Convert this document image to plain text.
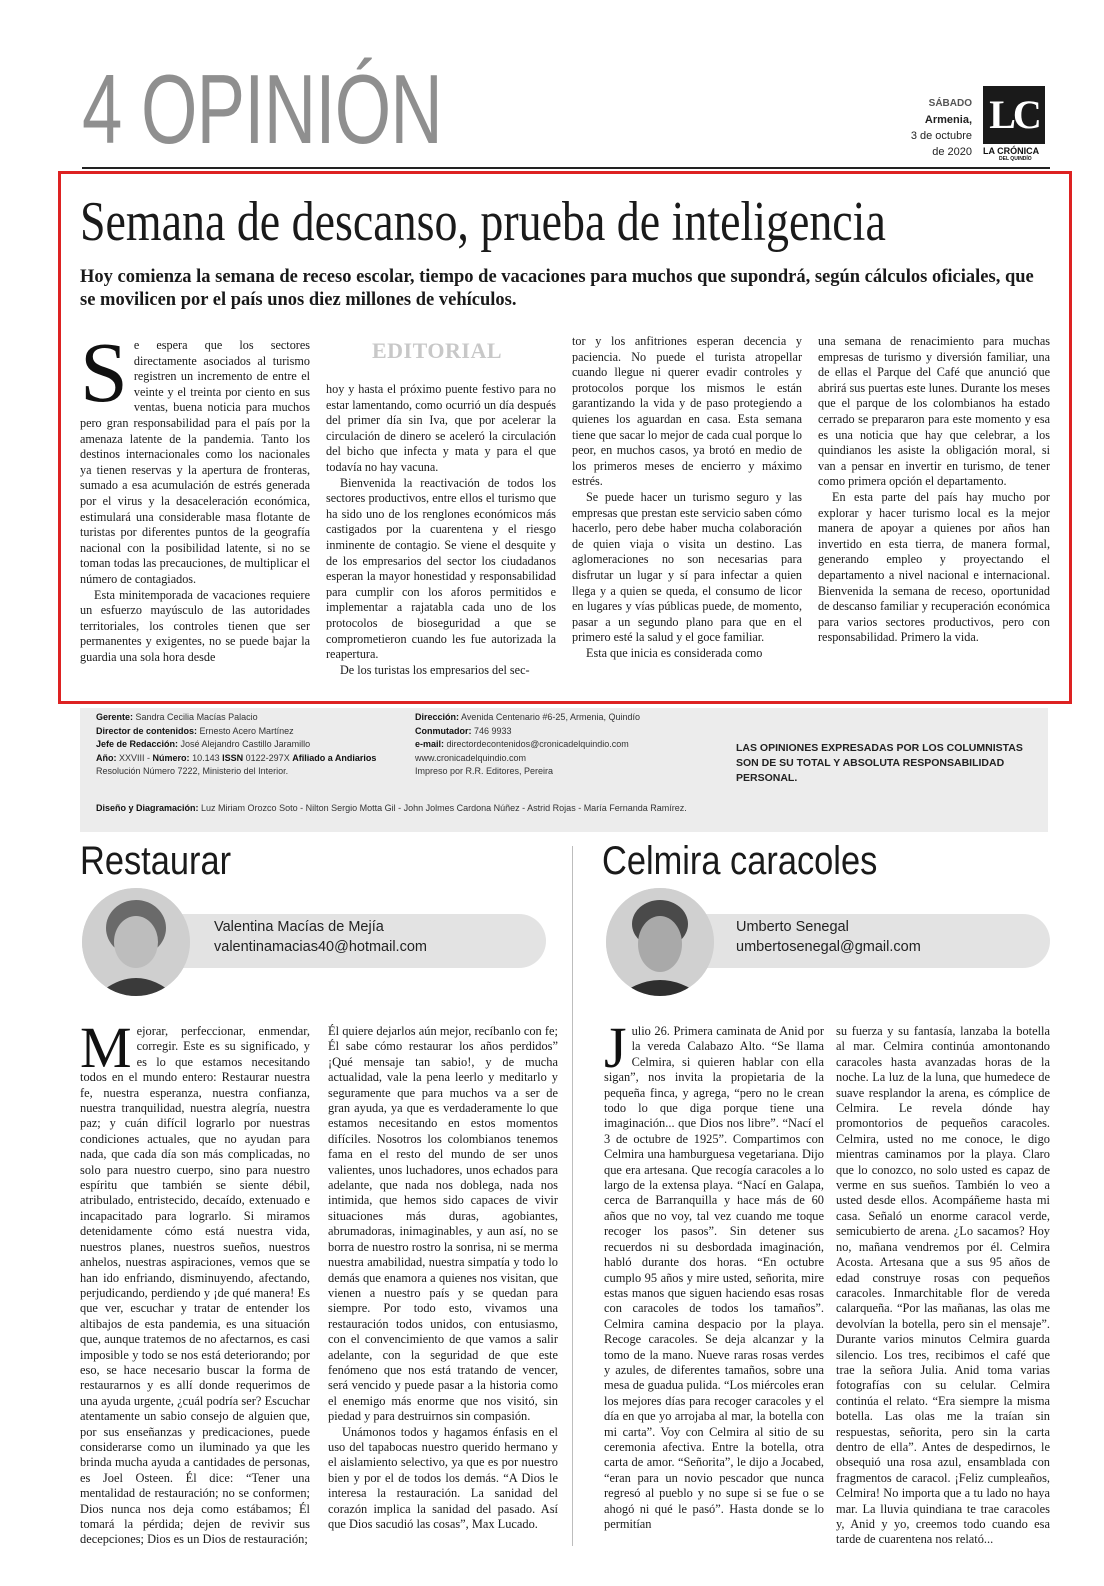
4 OPINIÓN	SÁBADO
Armenia,
3 de octubre
de 2020
LC
LA CRÓNICA
DEL QUINDÍO
Semana de descanso, prueba de inteligencia
Hoy comienza la semana de receso escolar, tiempo de vacaciones para muchos que supondrá, según cálculos oficiales, que se movilicen por el país unos diez millones de vehículos.
EDITORIAL
S e espera que los sectores directamente asociados al turismo registren un incremento de entre el veinte y el treinta por ciento en sus ventas, buena noticia para muchos pero gran responsabilidad para el país por la amenaza latente de la pandemia. Tanto los destinos internacionales como los nacionales ya tienen reservas y la apertura de fronteras, sumado a esa acumulación de estrés generada por el virus y la desaceleración económica, estimulará una considerable masa flotante de turistas por diferentes puntos de la geografía nacional con la posibilidad latente, si no se toman todas las precauciones, de multiplicar el número de contagiados.

Esta minitemporada de vacaciones requiere un esfuerzo mayúsculo de las autoridades territoriales, los controles tienen que ser permanentes y exigentes, no se puede bajar la guardia una sola hora desde

hoy y hasta el próximo puente festivo para no estar lamentando, como ocurrió un día después del primer día sin Iva, que por acelerar la circulación de dinero se aceleró la circulación del bicho que infecta y mata y para el que todavía no hay vacuna.

Bienvenida la reactivación de todos los sectores productivos, entre ellos el turismo que ha sido uno de los renglones económicos más castigados por la cuarentena y el riesgo inminente de contagio. Se viene el desquite y de los empresarios del sector los ciudadanos esperan la mayor honestidad y responsabilidad para cumplir con los aforos permitidos e implementar a rajatabla cada uno de los protocolos de bioseguridad a que se comprometieron cuando les fue autorizada la reapertura.

De los turistas los empresarios del sec-

tor y los anfitriones esperan decencia y paciencia. No puede el turista atropellar cuando llegue ni querer evadir controles y protocolos porque los mismos le están garantizando la vida y de paso protegiendo a quienes los aguardan en casa. Esta semana tiene que sacar lo mejor de cada cual porque lo peor, en muchos casos, ya brotó en medio de los primeros meses de encierro y máximo estrés.

Se puede hacer un turismo seguro y las empresas que prestan este servicio saben cómo hacerlo, pero debe haber mucha colaboración de quien viaja o visita un destino. Las aglomeraciones no son necesarias para disfrutar un lugar y sí para infectar a quien llega y a quien se queda, el consumo de licor en lugares y vías públicas puede, de momento, pasar a un segundo plano para que en el primero esté la salud y el goce familiar.

Esta que inicia es considerada como

una semana de renacimiento para muchas empresas de turismo y diversión familiar, una de ellas el Parque del Café que anunció que abrirá sus puertas este lunes. Durante los meses que el parque de los colombianos ha estado cerrado se prepararon para este momento y esa es una noticia que hay que celebrar, a los quindianos les asiste la obligación moral, si van a pensar en invertir en turismo, de tener como primera opción el departamento.

En esta parte del país hay mucho por explorar y hacer turismo local es la mejor manera de apoyar a quienes por años han invertido en esta tierra, de manera formal, generando empleo y proyectando el departamento a nivel nacional e internacional. Bienvenida la semana de receso, oportunidad de descanso familiar y recuperación económica para varios sectores productivos, pero con responsabilidad. Primero la vida.

Gerente: Sandra Cecilia Macías Palacio
Director de contenidos: Ernesto Acero Martínez
Jefe de Redacción: José Alejandro Castillo Jaramillo
Año: XXVIII - Número: 10.143 ISSN 0122-297X Afiliado a Andiarios
Resolución Número 7222, Ministerio del Interior.
Dirección: Avenida Centenario #6-25, Armenia, Quindío
Conmutador: 746 9933
e-mail: directordecontenidos@cronicadelquindio.com
www.cronicadelquindio.com
Impreso por R.R. Editores, Pereira
LAS OPINIONES EXPRESADAS POR LOS COLUMNISTAS SON DE SU TOTAL Y ABSOLUTA RESPONSABILIDAD PERSONAL.
Diseño y Diagramación: Luz Miriam Orozco Soto - Nilton Sergio Motta Gil - John Jolmes Cardona Núñez - Astrid Rojas - María Fernanda Ramírez.
Restaurar
Valentina Macías de Mejía
valentinamacias40@hotmail.com
M ejorar, perfeccionar, enmendar, corregir. Este es su significado, y es lo que estamos necesitando todos en el mundo entero: Restaurar nuestra fe, nuestra esperanza, nuestra confianza, nuestra tranquilidad, nuestra alegría, nuestra paz; y cuán difícil lograrlo por nuestras condiciones actuales, que no ayudan para nada, que cada día son más complicadas, no solo para nuestro cuerpo, sino para nuestro espíritu que también se siente débil, atribulado, entristecido, decaído, extenuado e incapacitado para lograrlo. Si miramos detenidamente cómo está nuestra vida, nuestros planes, nuestros sueños, nuestros anhelos, nuestras aspiraciones, vemos que se han ido enfriando, disminuyendo, afectando, perjudicando, perdiendo y ¡de qué manera! Es que ver, escuchar y tratar de entender los altibajos de esta pandemia, es una situación que, aunque tratemos de no afectarnos, es casi imposible y todo se nos está deteriorando; por eso, se hace necesario buscar la forma de restaurarnos y es allí donde requerimos de una ayuda urgente, ¿cuál podría ser? Escuchar atentamente un sabio consejo de alguien que, por sus enseñanzas y predicaciones, puede considerarse como un iluminado ya que les brinda mucha ayuda a cantidades de personas, es Joel Osteen. Él dice: “Tener una mentalidad de restauración; no se conformen; Dios nunca nos deja como estábamos; Él tomará la pérdida; dejen de revivir sus decepciones; Dios es un Dios de restauración;

Él quiere dejarlos aún mejor, recíbanlo con fe; Él sabe cómo restaurar los años perdidos” ¡Qué mensaje tan sabio!, y de mucha actualidad, vale la pena leerlo y meditarlo y seguramente que para muchos va a ser de gran ayuda, ya que es verdaderamente lo que estamos necesitando en estos momentos difíciles. Nosotros los colombianos tenemos fama en el resto del mundo de ser unos valientes, unos luchadores, unos echados para adelante, que nada nos doblega, nada nos intimida, que hemos sido capaces de vivir situaciones más duras, agobiantes, abrumadoras, inimaginables, y aun así, no se borra de nuestro rostro la sonrisa, ni se merma nuestra amabilidad, nuestra simpatía y todo lo demás que enamora a quienes nos visitan, que vienen a nuestro país y se quedan para siempre. Por todo esto, vivamos una restauración todos unidos, con entusiasmo, con el convencimiento de que vamos a salir adelante, con la seguridad de que este fenómeno que nos está tratando de vencer, será vencido y puede pasar a la historia como el enemigo más enorme que nos visitó, sin piedad y para destruirnos sin compasión.

Unámonos todos y hagamos énfasis en el uso del tapabocas nuestro querido hermano y el aislamiento selectivo, ya que es por nuestro bien y por el de todos los demás. “A Dios le interesa la restauración. La sanidad del corazón implica la sanidad del pasado. Así que Dios sacudió las cosas”, Max Lucado.

Celmira caracoles
Umberto Senegal
umbertosenegal@gmail.com
J ulio 26. Primera caminata de Anid por la vereda Calabazo Alto. “Se llama Celmira, si quieren hablar con ella sigan”, nos invita la propietaria de la pequeña finca, y agrega, “pero no le crean todo lo que diga porque tiene una imaginación... que Dios nos libre”. “Nací el 3 de octubre de 1925”. Compartimos con Celmira una hamburguesa vegetariana. Dijo que era artesana. Que recogía caracoles a lo largo de la extensa playa. “Nací en Galapa, cerca de Barranquilla y hace más de 60 años que no voy, tal vez cuando me toque recoger los pasos”. Sin detener sus recuerdos ni su desbordada imaginación, habló durante dos horas. “En octubre cumplo 95 años y mire usted, señorita, mire estas manos que siguen haciendo esas rosas con caracoles de todos los tamaños”. Celmira camina despacio por la playa. Recoge caracoles. Se deja alcanzar y la tomo de la mano. Nueve raras rosas verdes y azules, de diferentes tamaños, sobre una mesa de guadua pulida. “Los miércoles eran los mejores días para recoger caracoles y el día en que yo arrojaba al mar, la botella con mi carta”. Voy con Celmira al sitio de su ceremonia afectiva. Entre la botella, otra carta de amor. “Señorita”, le dijo a Jocabed, “eran para un novio pescador que nunca regresó al pueblo y no supe si se fue o se ahogó ni qué le pasó”. Hasta donde se lo permitían

su fuerza y su fantasía, lanzaba la botella al mar. Celmira continúa amontonando caracoles hasta avanzadas horas de la noche. La luz de la luna, que humedece de suave resplandor la arena, es cómplice de Celmira. Le revela dónde hay promontorios de pequeños caracoles. Celmira, usted no me conoce, le digo mientras caminamos por la playa. Claro que lo conozco, no solo usted es capaz de verme en sus sueños. También lo veo a usted desde ellos. Acompáñeme hasta mi casa. Señaló un enorme caracol verde, semicubierto de arena. ¿Lo sacamos? Hoy no, mañana vendremos por él. Celmira Acosta. Artesana que a sus 95 años de edad construye rosas con pequeños caracoles. Inmarchitable flor de vereda calarqueña. “Por las mañanas, las olas me devolvían la botella, pero sin el mensaje”. Durante varios minutos Celmira guarda silencio. Los tres, recibimos el café que trae la señora Julia. Anid toma varias fotografías con su celular. Celmira continúa el relato. “Era siempre la misma botella. Las olas me la traían sin respuestas, señorita, pero sin la carta dentro de ella”. Antes de despedirnos, le obsequió una rosa azul, ensamblada con fragmentos de caracol. ¡Feliz cumpleaños, Celmira! No importa que a tu lado no haya mar. La lluvia quindiana te trae caracoles y, Anid y yo, creemos todo cuando esa tarde de cuarentena nos relató...
